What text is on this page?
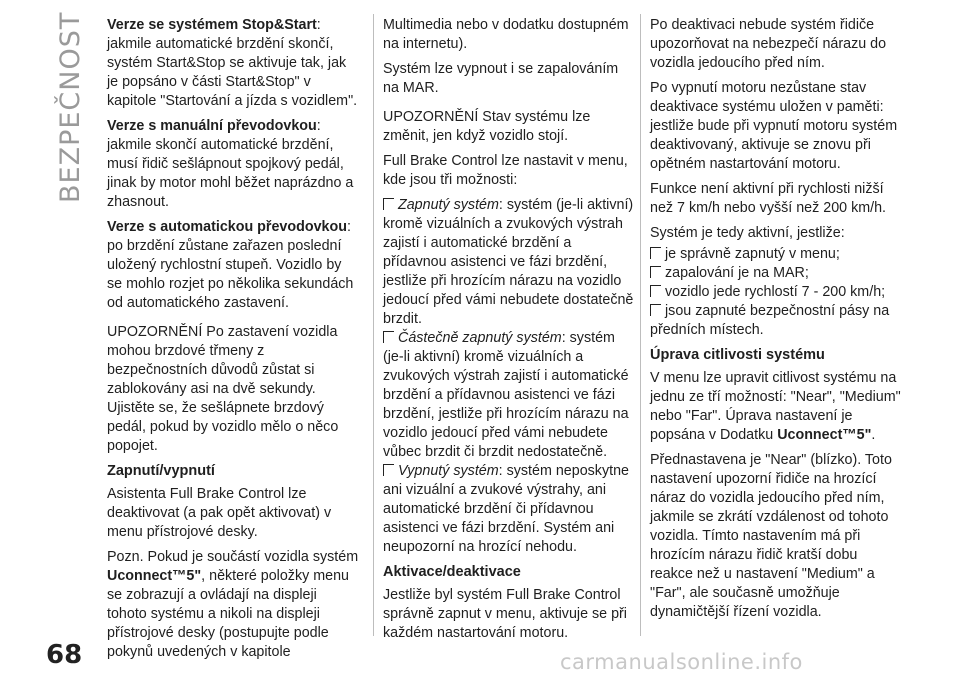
BEZPEČNOST Verze se systémem Stop&Start: jakmile automatické brzdění skončí, systém Start&Stop se aktivuje tak, jak je popsáno v části Start&Stop" v kapitole "Startování a jízda s vozidlem".

Verze s manuální převodovkou: jakmile skončí automatické brzdění, musí řidič sešlápnout spojkový pedál, jinak by motor mohl běžet naprázdno a zhasnout.

Verze s automatickou převodovkou: po brzdění zůstane zařazen poslední uložený rychlostní stupeň. Vozidlo by se mohlo rozjet po několika sekundách od automatického zastavení.

UPOZORNĚNÍ Po zastavení vozidla mohou brzdové třmeny z bezpečnostních důvodů zůstat si zablokovány asi na dvě sekundy. Ujistěte se, že sešlápnete brzdový pedál, pokud by vozidlo mělo o něco popojet.

Zapnutí/vypnutí

Asistenta Full Brake Control lze deaktivovat (a pak opět aktivovat) v menu přístrojové desky.

Pozn. Pokud je součástí vozidla systém Uconnect™5", některé položky menu se zobrazují a ovládají na displeji tohoto systému a nikoli na displeji přístrojové desky (postupujte podle pokynů uvedených v kapitole

Multimedia nebo v dodatku dostupném na internetu).

Systém lze vypnout i se zapalováním na MAR.

UPOZORNĚNÍ Stav systému lze změnit, jen když vozidlo stojí.

Full Brake Control lze nastavit v menu, kde jsou tři možnosti:

Zapnutý systém: systém (je-li aktivní) kromě vizuálních a zvukových výstrah zajistí i automatické brzdění a přídavnou asistenci ve fázi brzdění, jestliže při hrozícím nárazu na vozidlo jedoucí před vámi nebudete dostatečně brzdit.

Částečně zapnutý systém: systém (je-li aktivní) kromě vizuálních a zvukových výstrah zajistí i automatické brzdění a přídavnou asistenci ve fázi brzdění, jestliže při hrozícím nárazu na vozidlo jedoucí před vámi nebudete vůbec brzdit či brzdit nedostatečně.

Vypnutý systém: systém neposkytne ani vizuální a zvukové výstrahy, ani automatické brzdění či přídavnou asistenci ve fázi brzdění. Systém ani neupozorní na hrozící nehodu.

Aktivace/deaktivace

Jestliže byl systém Full Brake Control správně zapnut v menu, aktivuje se při každém nastartování motoru.

Po deaktivaci nebude systém řidiče upozorňovat na nebezpečí nárazu do vozidla jedoucího před ním.

Po vypnutí motoru nezůstane stav deaktivace systému uložen v paměti: jestliže bude při vypnutí motoru systém deaktivovaný, aktivuje se znovu při opětném nastartování motoru.

Funkce není aktivní při rychlosti nižší než 7 km/h nebo vyšší než 200 km/h.

Systém je tedy aktivní, jestliže:

je správně zapnutý v menu;

zapalování je na MAR;

vozidlo jede rychlostí 7 - 200 km/h;

jsou zapnuté bezpečnostní pásy na předních místech.

Úprava citlivosti systému

V menu lze upravit citlivost systému na jednu ze tří možností: "Near", "Medium" nebo "Far". Úprava nastavení je popsána v Dodatku Uconnect™5".

Přednastavena je "Near" (blízko). Toto nastavení upozorní řidiče na hrozící náraz do vozidla jedoucího před ním, jakmile se zkrátí vzdálenost od tohoto vozidla. Tímto nastavením má při hrozícím nárazu řidič kratší dobu reakce než u nastavení "Medium" a "Far", ale současně umožňuje dynamičtější řízení vozidla.

68	carmanualsonline.info
